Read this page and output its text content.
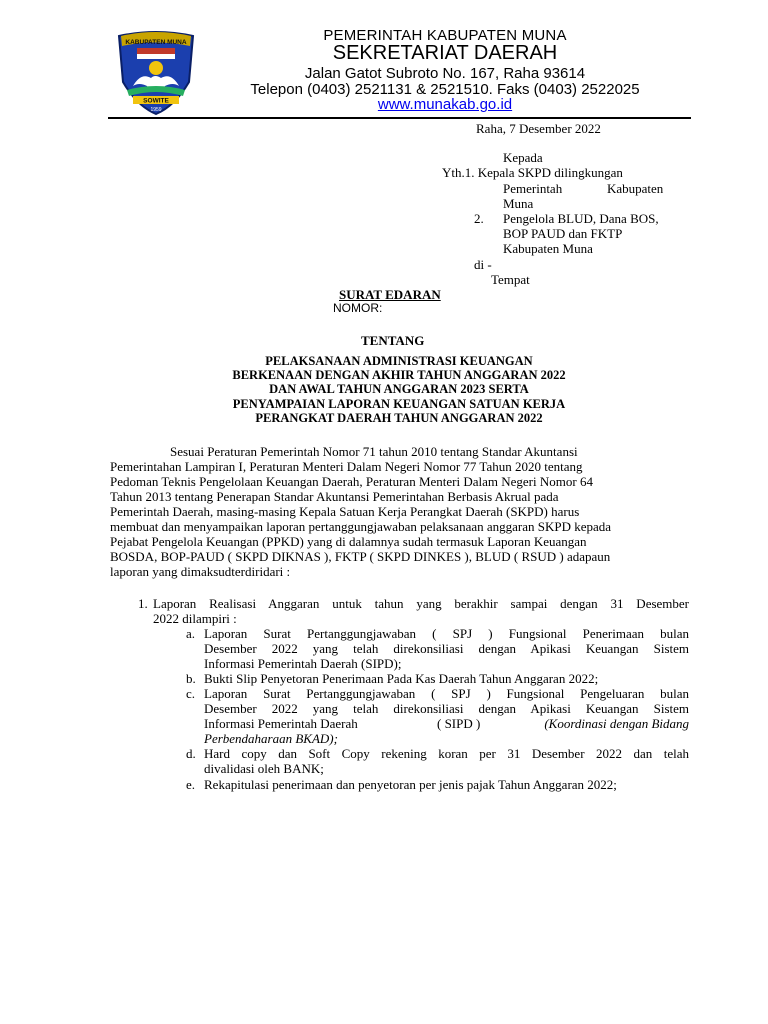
KABUPATEN MUNA
SOWITE
1959
PEMERINTAH KABUPATEN MUNA
SEKRETARIAT DAERAH
Jalan Gatot Subroto No. 167, Raha 93614
Telepon (0403) 2521131 & 2521510. Faks (0403) 2522025
www.munakab.go.id
Raha, 7 Desember 2022
Kepada
Yth.1. Kepala SKPD dilingkungan
Pemerintah	Kabupaten
Muna
2. Pengelola BLUD, Dana BOS,
BOP PAUD dan FKTP
Kabupaten Muna
di -
Tempat
SURAT EDARAN
NOMOR:
TENTANG
PELAKSANAAN ADMINISTRASI KEUANGAN
BERKENAAN DENGAN AKHIR TAHUN ANGGARAN 2022
DAN AWAL TAHUN ANGGARAN 2023 SERTA
PENYAMPAIAN LAPORAN KEUANGAN SATUAN KERJA
PERANGKAT DAERAH TAHUN ANGGARAN 2022

Sesuai Peraturan Pemerintah Nomor 71 tahun 2010 tentang Standar Akuntansi

Pemerintahan Lampiran I, Peraturan Menteri Dalam Negeri Nomor 77 Tahun 2020 tentang

Pedoman Teknis Pengelolaan Keuangan Daerah, Peraturan Menteri Dalam Negeri Nomor 64

Tahun 2013 tentang Penerapan Standar Akuntansi Pemerintahan Berbasis Akrual pada

Pemerintah Daerah, masing-masing Kepala Satuan Kerja Perangkat Daerah (SKPD) harus

membuat dan menyampaikan laporan pertanggungjawaban pelaksanaan anggaran SKPD kepada

Pejabat Pengelola Keuangan (PPKD) yang di dalamnya sudah termasuk Laporan Keuangan

BOSDA, BOP-PAUD ( SKPD DIKNAS ), FKTP ( SKPD DINKES ), BLUD ( RSUD ) adapaun

laporan yang dimaksudterdiridari :

1. Laporan Realisasi Anggaran untuk tahun yang berakhir sampai dengan 31 Desember
2022 dilampiri :
a. Laporan Surat Pertanggungjawaban ( SPJ ) Fungsional Penerimaan bulan
Desember 2022 yang telah direkonsiliasi dengan Apikasi Keuangan Sistem
Informasi Pemerintah Daerah (SIPD);
b. Bukti Slip Penyetoran Penerimaan Pada Kas Daerah Tahun Anggaran 2022;
c. Laporan Surat Pertanggungjawaban ( SPJ ) Fungsional Pengeluaran bulan
Desember 2022 yang telah direkonsiliasi dengan Apikasi Keuangan Sistem
Informasi Pemerintah Daerah	( SIPD )	(Koordinasi dengan Bidang
Perbendaharaan BKAD);
d. Hard copy dan Soft Copy rekening koran per 31 Desember 2022 dan telah
divalidasi oleh BANK;
e. Rekapitulasi penerimaan dan penyetoran per jenis pajak Tahun Anggaran 2022;
